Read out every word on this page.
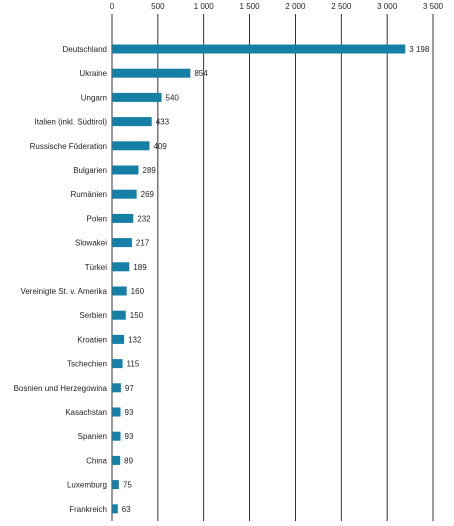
0	500	1 000	1 500	2 000	2 500	3 000	3 500
Deutschland
Ukraine
Ungarn
Italien (inkl. Südtirol)
Russische Föderation
Bulgarien
Rumänien
Polen
Slowakei
Türkei
Vereinigte St. v. Amerika
Serbien
Kroatien
Tschechien
Bosnien und Herzegowina
Kasachstan
Spanien
China
Luxemburg
Frankreich
3 198
854
540
433
409
289
269
232
217
189
160
150
132
115
97
93
93
89
75
63
